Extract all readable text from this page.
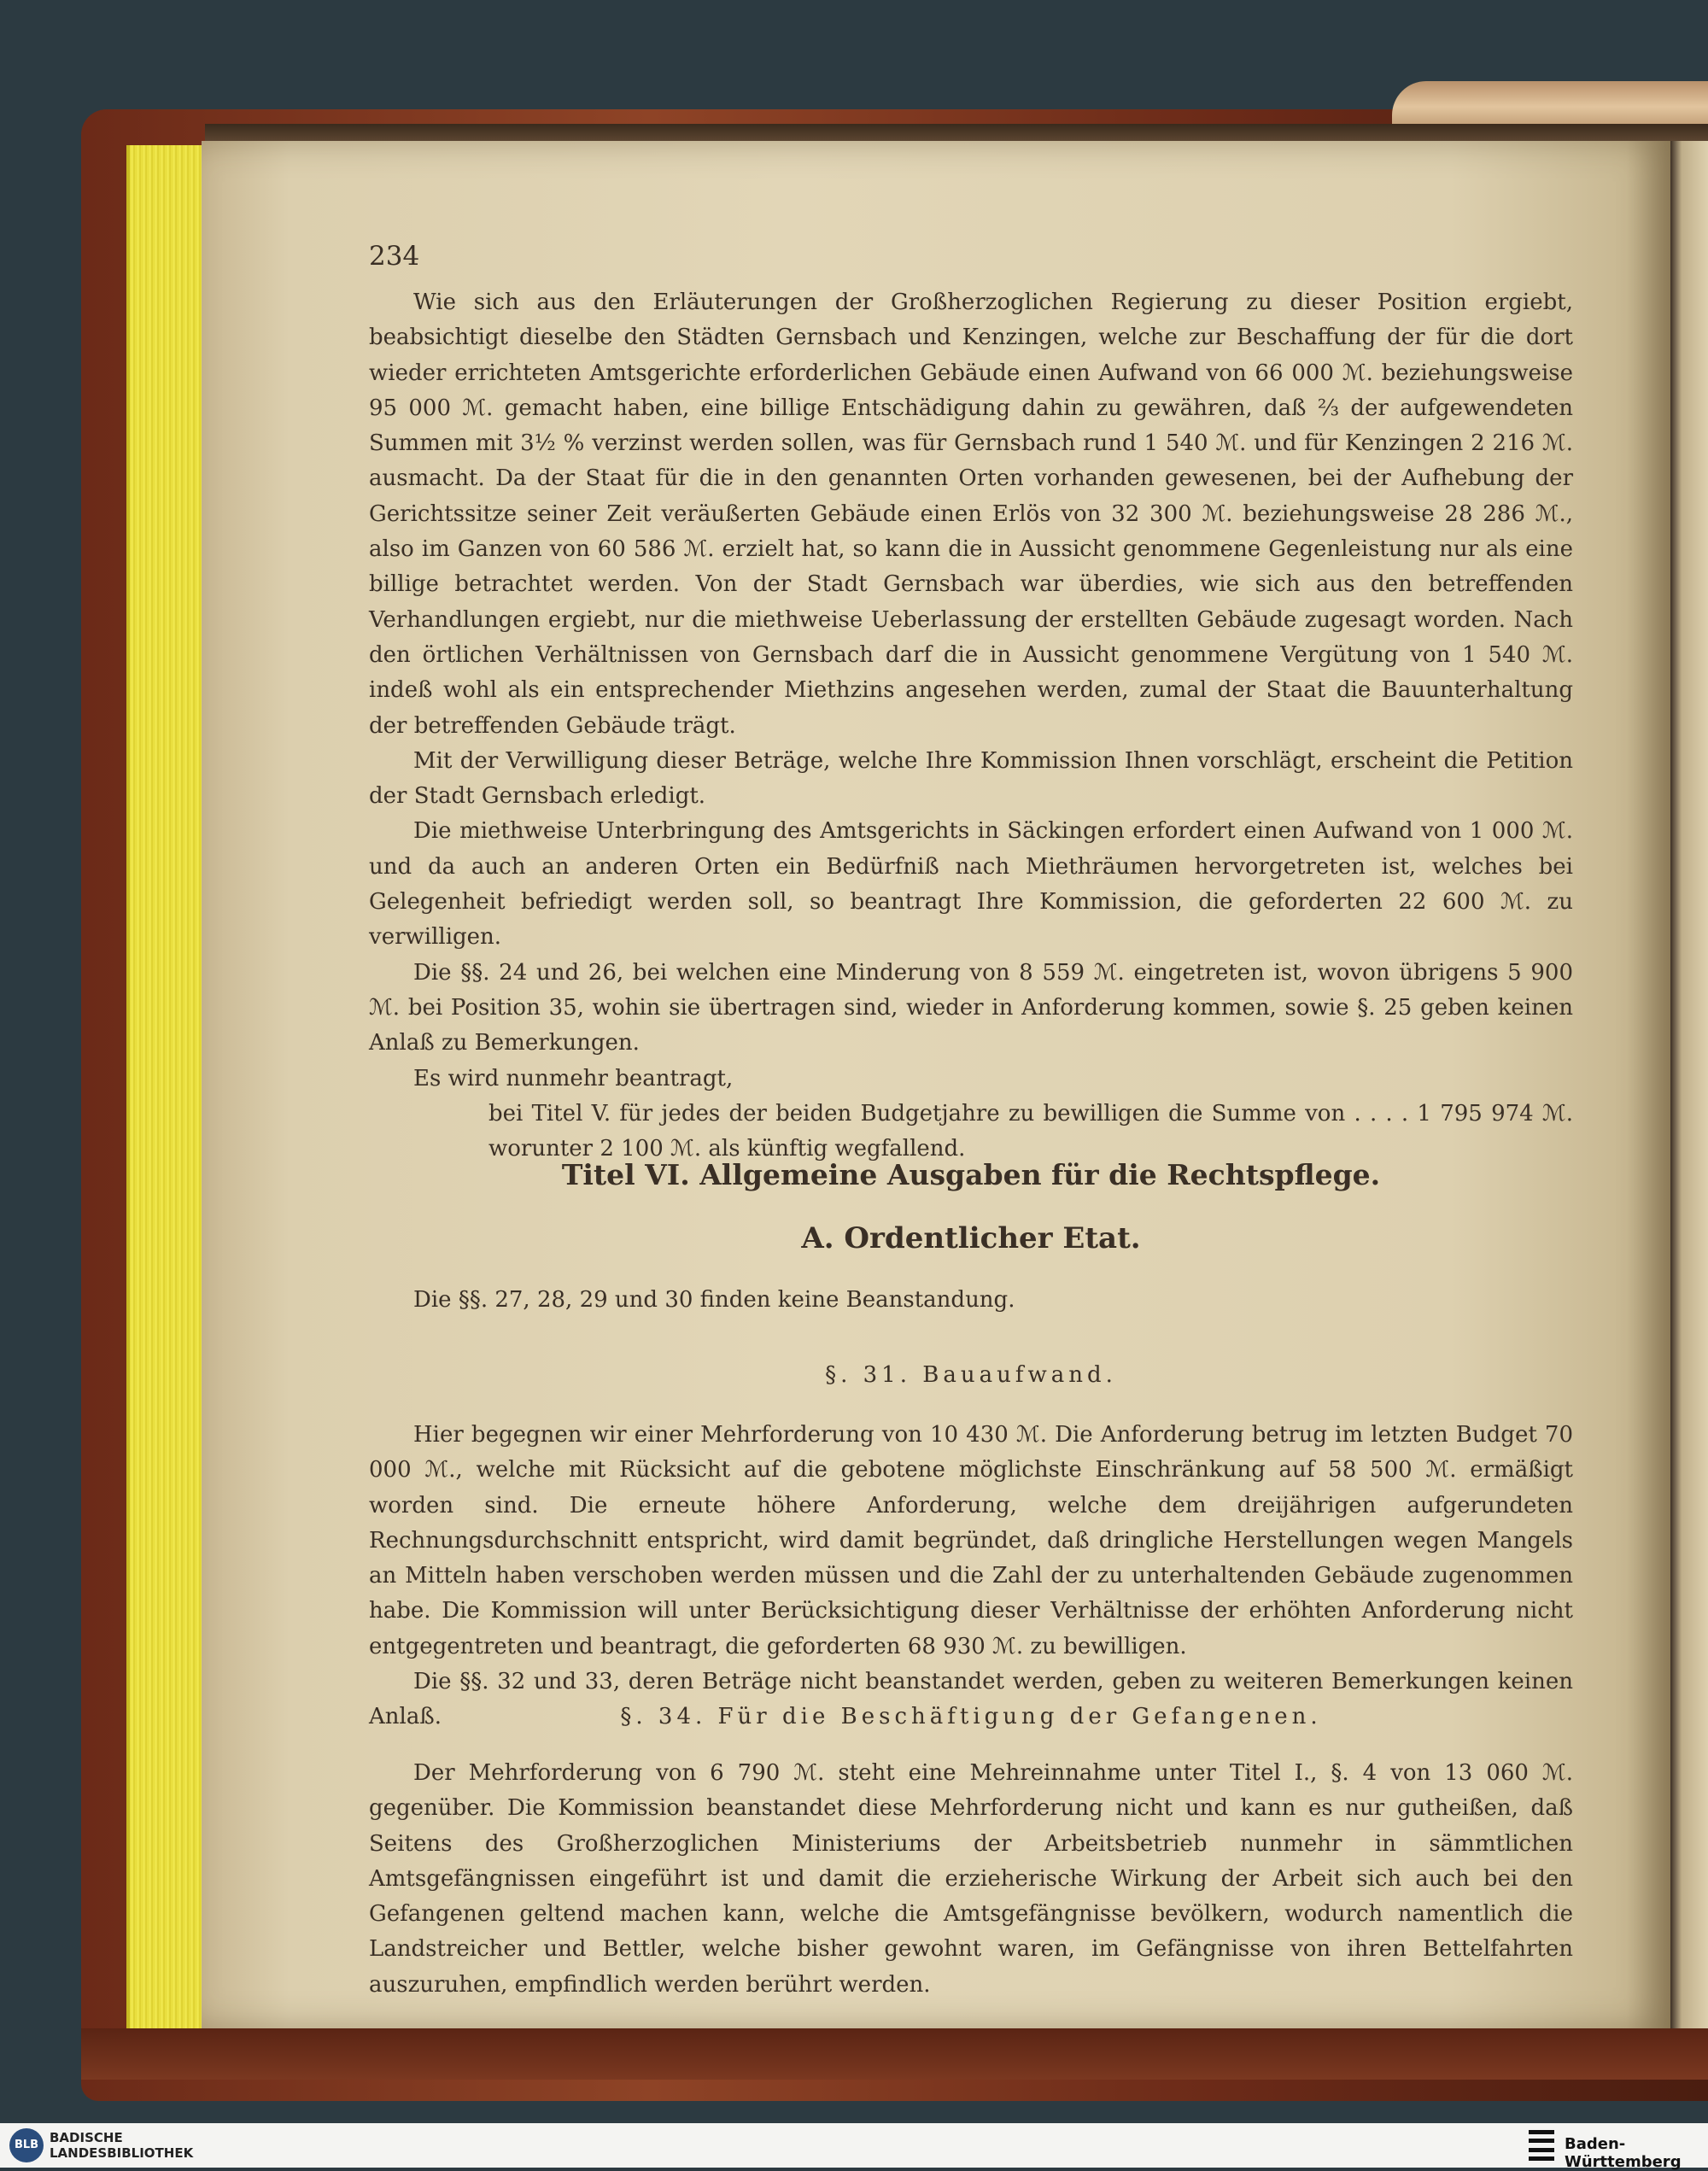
234

Wie sich aus den Erläuterungen der Großherzoglichen Regierung zu dieser Position ergiebt, beabsichtigt dieselbe den Städten Gernsbach und Kenzingen, welche zur Beschaffung der für die dort wieder errichteten Amtsgerichte erforderlichen Gebäude einen Aufwand von 66 000 ℳ. beziehungsweise 95 000 ℳ. gemacht haben, eine billige Entschädigung dahin zu gewähren, daß ⅔ der aufgewendeten Summen mit 3½ % verzinst werden sollen, was für Gernsbach rund 1 540 ℳ. und für Kenzingen 2 216 ℳ. ausmacht. Da der Staat für die in den genannten Orten vorhanden gewesenen, bei der Aufhebung der Gerichtssitze seiner Zeit veräußerten Gebäude einen Erlös von 32 300 ℳ. beziehungsweise 28 286 ℳ., also im Ganzen von 60 586 ℳ. erzielt hat, so kann die in Aussicht genommene Gegenleistung nur als eine billige betrachtet werden. Von der Stadt Gernsbach war überdies, wie sich aus den betreffenden Verhandlungen ergiebt, nur die miethweise Ueberlassung der erstellten Gebäude zugesagt worden. Nach den örtlichen Verhältnissen von Gernsbach darf die in Aussicht genommene Vergütung von 1 540 ℳ. indeß wohl als ein entsprechender Miethzins angesehen werden, zumal der Staat die Bauunterhaltung der betreffenden Gebäude trägt.

Mit der Verwilligung dieser Beträge, welche Ihre Kommission Ihnen vorschlägt, erscheint die Petition der Stadt Gernsbach erledigt.

Die miethweise Unterbringung des Amtsgerichts in Säckingen erfordert einen Aufwand von 1 000 ℳ. und da auch an anderen Orten ein Bedürfniß nach Miethräumen hervorgetreten ist, welches bei Gelegenheit befriedigt werden soll, so beantragt Ihre Kommission, die geforderten 22 600 ℳ. zu verwilligen.

Die §§. 24 und 26, bei welchen eine Minderung von 8 559 ℳ. eingetreten ist, wovon übrigens 5 900 ℳ. bei Position 35, wohin sie übertragen sind, wieder in Anforderung kommen, sowie §. 25 geben keinen Anlaß zu Bemerkungen.

Es wird nunmehr beantragt,

bei Titel V. für jedes der beiden Budgetjahre zu bewilligen die Summe von . . . . 1 795 974 ℳ.

worunter 2 100 ℳ. als künftig wegfallend.

Titel VI. Allgemeine Ausgaben für die Rechtspflege.
A. Ordentlicher Etat.

Die §§. 27, 28, 29 und 30 finden keine Beanstandung.

§. 31. Bauaufwand.

Hier begegnen wir einer Mehrforderung von 10 430 ℳ. Die Anforderung betrug im letzten Budget 70 000 ℳ., welche mit Rücksicht auf die gebotene möglichste Einschränkung auf 58 500 ℳ. ermäßigt worden sind. Die erneute höhere Anforderung, welche dem dreijährigen aufgerundeten Rechnungsdurchschnitt entspricht, wird damit begründet, daß dringliche Herstellungen wegen Mangels an Mitteln haben verschoben werden müssen und die Zahl der zu unterhaltenden Gebäude zugenommen habe. Die Kommission will unter Berücksichtigung dieser Verhältnisse der erhöhten Anforderung nicht entgegentreten und beantragt, die geforderten 68 930 ℳ. zu bewilligen.

Die §§. 32 und 33, deren Beträge nicht beanstandet werden, geben zu weiteren Bemerkungen keinen Anlaß.	§. 34. Für die Beschäftigung der Gefangenen.

Der Mehrforderung von 6 790 ℳ. steht eine Mehreinnahme unter Titel I., §. 4 von 13 060 ℳ. gegenüber. Die Kommission beanstandet diese Mehrforderung nicht und kann es nur gutheißen, daß Seitens des Großherzoglichen Ministeriums der Arbeitsbetrieb nunmehr in sämmtlichen Amtsgefängnissen eingeführt ist und damit die erzieherische Wirkung der Arbeit sich auch bei den Gefangenen geltend machen kann, welche die Amtsgefängnisse bevölkern, wodurch namentlich die Landstreicher und Bettler, welche bisher gewohnt waren, im Gefängnisse von ihren Bettelfahrten auszuruhen, empfindlich werden berührt werden.

BLB BADISCHE
LANDESBIBLIOTHEK	Baden-Württemberg
